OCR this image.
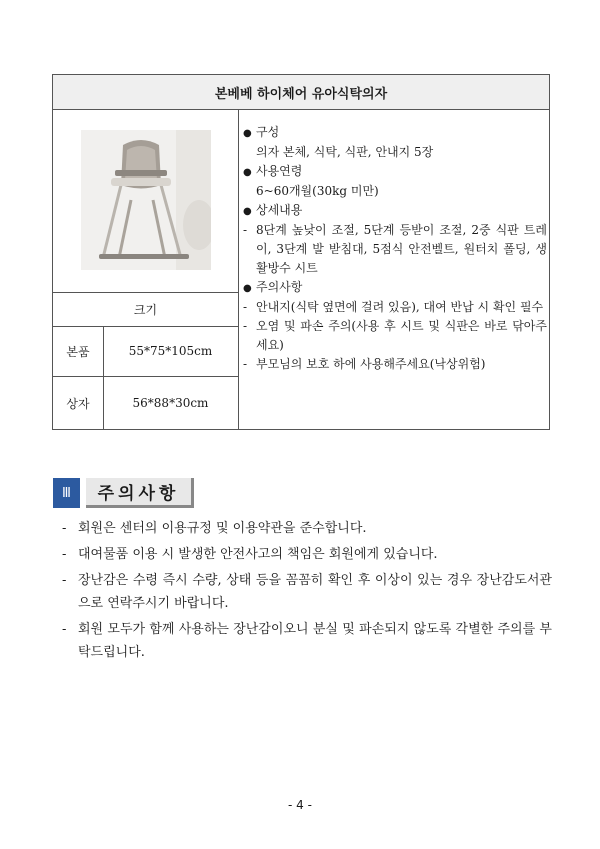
본베베 하이체어 유아식탁의자
크기
본품	55*75*105cm
상자	56*88*30cm
● 구성
의자 본체, 식탁, 식판, 안내지 5장
● 사용연령
6~60개월(30kg 미만)
● 상세내용
- 8단계 높낮이 조절, 5단계 등받이 조절, 2중 식판 트레이, 3단계 발 받침대, 5점식 안전벨트, 원터치 폴딩, 생활방수 시트
● 주의사항
- 안내지(식탁 옆면에 걸려 있음), 대여 반납 시 확인 필수
- 오염 및 파손 주의(사용 후 시트 및 식판은 바로 닦아주세요)
- 부모님의 보호 하에 사용해주세요(낙상위험)
Ⅲ	주의사항
- 회원은 센터의 이용규정 및 이용약관을 준수합니다.
- 대여물품 이용 시 발생한 안전사고의 책임은 회원에게 있습니다.
- 장난감은 수령 즉시 수량, 상태 등을 꼼꼼히 확인 후 이상이 있는 경우 장난감도서관으로 연락주시기 바랍니다.
- 회원 모두가 함께 사용하는 장난감이오니 분실 및 파손되지 않도록 각별한 주의를 부탁드립니다.
- 4 -
